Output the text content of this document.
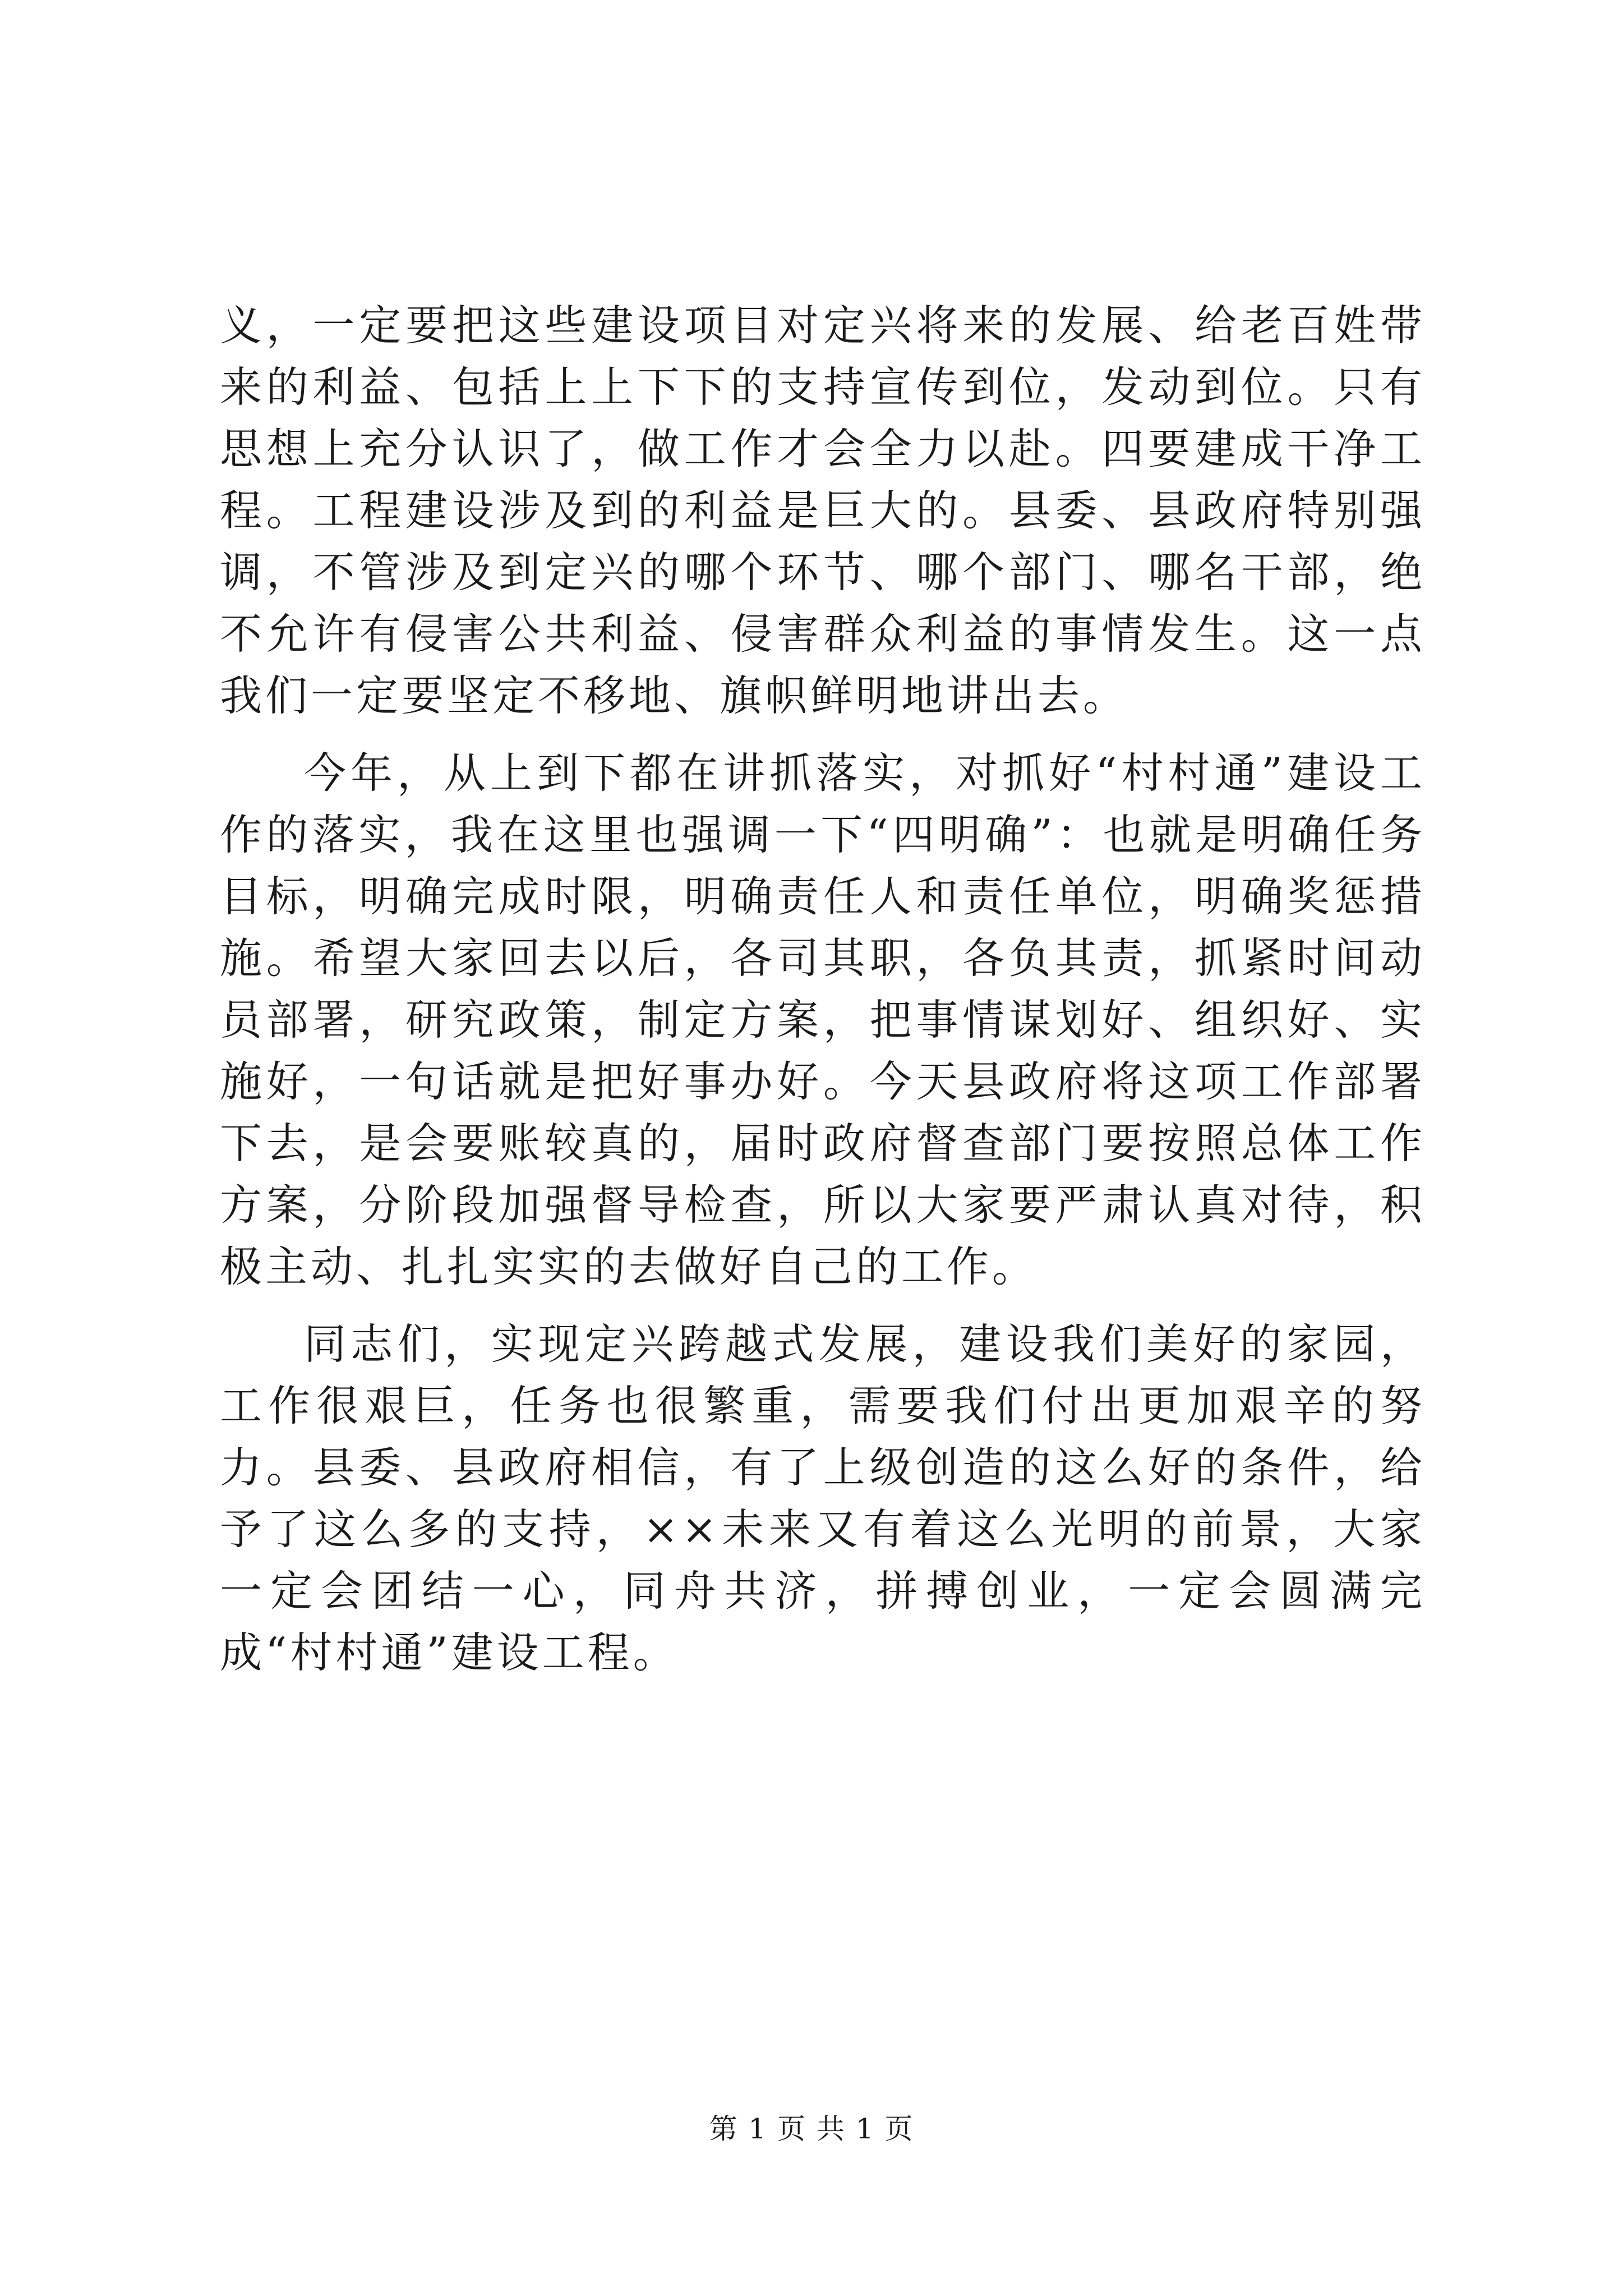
义，一定要把这些建设项目对定兴将来的发展、给老百姓带来的利益、包括上上下下的支持宣传到位，发动到位。只有思想上充分认识了，做工作才会全力以赴。四要建成干净工程。工程建设涉及到的利益是巨大的。县委、县政府特别强调，不管涉及到定兴的哪个环节、哪个部门、哪名干部，绝不允许有侵害公共利益、侵害群众利益的事情发生。这一点我们一定要坚定不移地、旗帜鲜明地讲出去。

今年，从上到下都在讲抓落实，对抓好“村村通”建设工作的落实，我在这里也强调一下“四明确”：也就是明确任务目标，明确完成时限，明确责任人和责任单位，明确奖惩措施。希望大家回去以后，各司其职，各负其责，抓紧时间动员部署，研究政策，制定方案，把事情谋划好、组织好、实施好，一句话就是把好事办好。今天县政府将这项工作部署下去，是会要账较真的，届时政府督查部门要按照总体工作方案，分阶段加强督导检查，所以大家要严肃认真对待，积极主动、扎扎实实的去做好自己的工作。

同志们，实现定兴跨越式发展，建设我们美好的家园，工作很艰巨，任务也很繁重，需要我们付出更加艰辛的努力。县委、县政府相信，有了上级创造的这么好的条件，给予了这么多的支持，××未来又有着这么光明的前景，大家一定会团结一心，同舟共济，拼搏创业，一定会圆满完成“村村通”建设工程。

第 1 页 共 1 页
